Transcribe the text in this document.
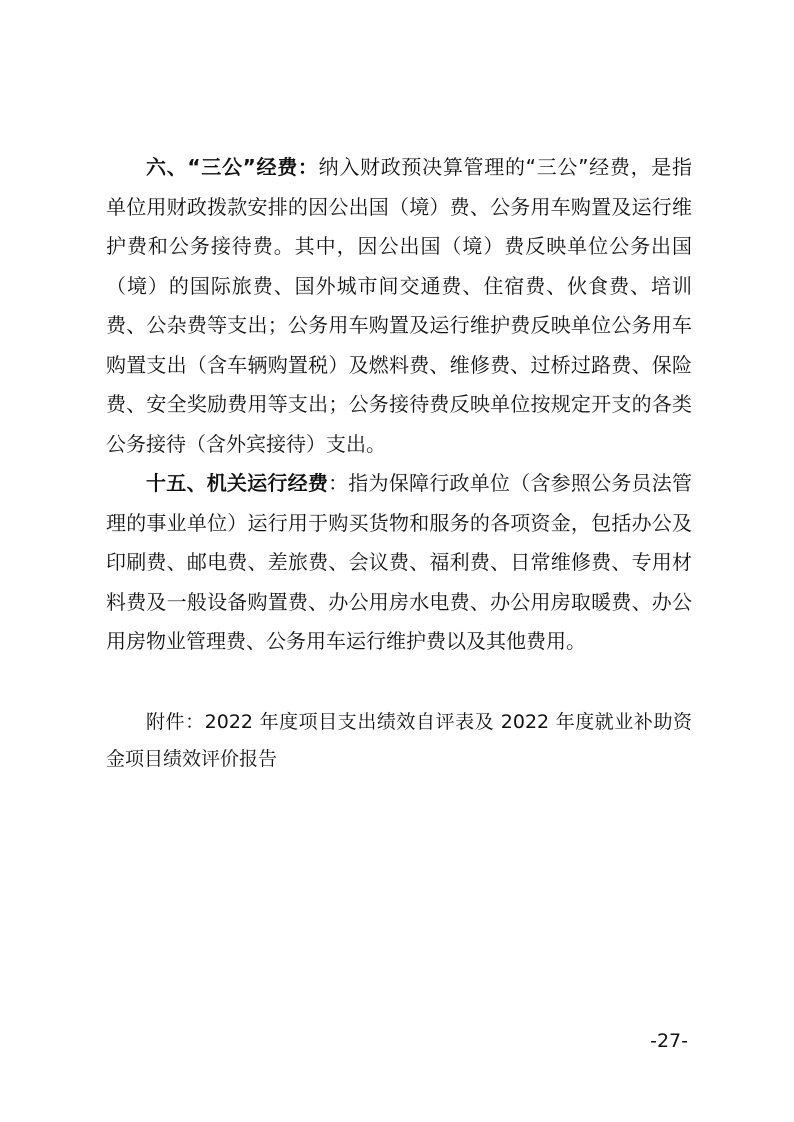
六、“三公”经费：纳入财政预决算管理的“三公”经费，是指单位用财政拨款安排的因公出国（境）费、公务用车购置及运行维护费和公务接待费。其中，因公出国（境）费反映单位公务出国（境）的国际旅费、国外城市间交通费、住宿费、伙食费、培训费、公杂费等支出；公务用车购置及运行维护费反映单位公务用车购置支出（含车辆购置税）及燃料费、维修费、过桥过路费、保险费、安全奖励费用等支出；公务接待费反映单位按规定开支的各类公务接待（含外宾接待）支出。

十五、机关运行经费：指为保障行政单位（含参照公务员法管理的事业单位）运行用于购买货物和服务的各项资金，包括办公及印刷费、邮电费、差旅费、会议费、福利费、日常维修费、专用材料费及一般设备购置费、办公用房水电费、办公用房取暖费、办公用房物业管理费、公务用车运行维护费以及其他费用。

附件：2022 年度项目支出绩效自评表及 2022 年度就业补助资金项目绩效评价报告

-27-
